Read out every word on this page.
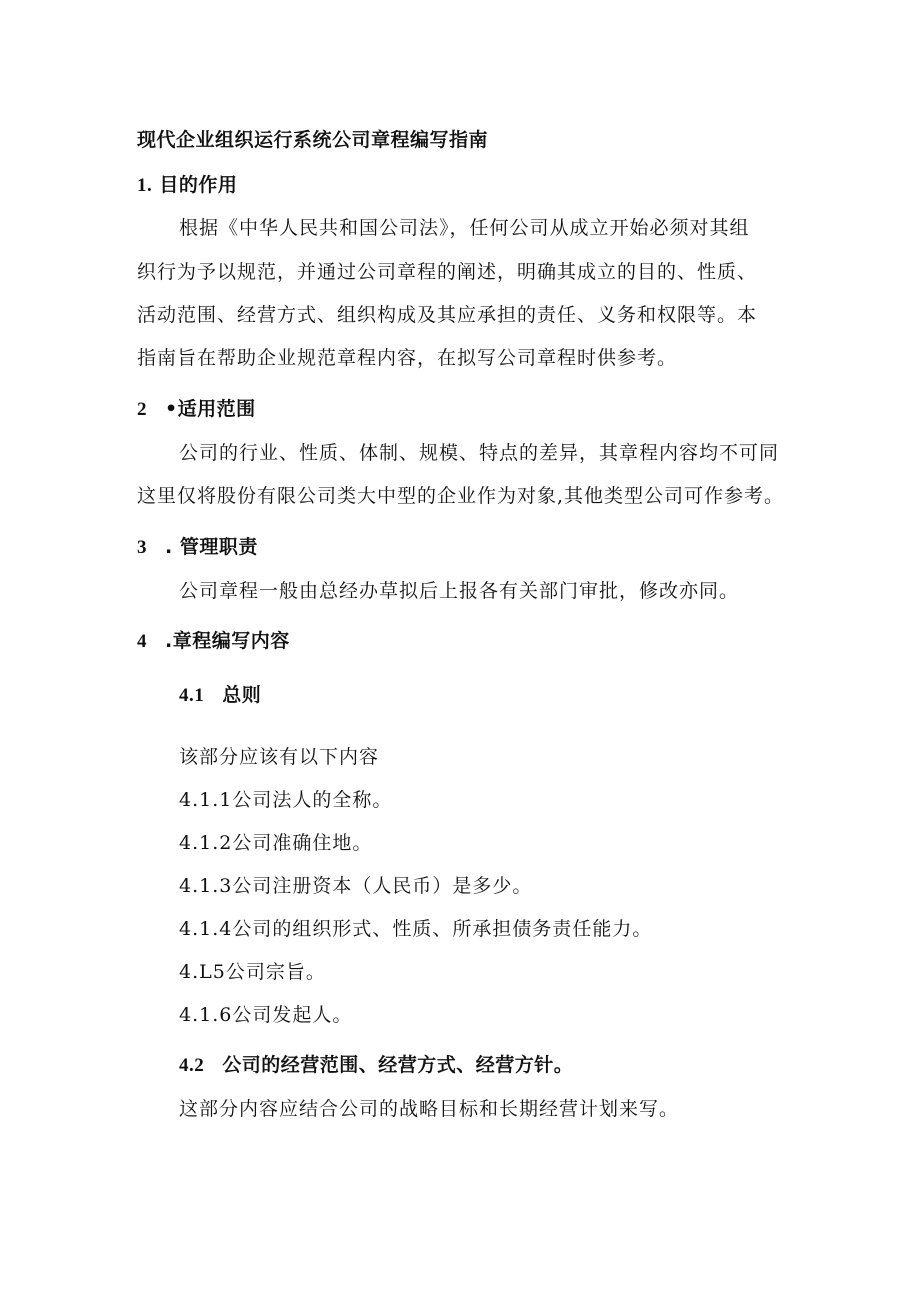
现代企业组织运行系统公司章程编写指南
1. 目的作用
根据《中华人民共和国公司法》，任何公司从成立开始必须对其组
织行为予以规范，并通过公司章程的阐述，明确其成立的目的、性质、
活动范围、经营方式、组织构成及其应承担的责任、义务和权限等。本
指南旨在帮助企业规范章程内容，在拟写公司章程时供参考。
2 •适用范围
公司的行业、性质、体制、规模、特点的差异，其章程内容均不可同
这里仅将股份有限公司类大中型的企业作为对象,其他类型公司可作参考。
3 . 管理职责
公司章程一般由总经办草拟后上报各有关部门审批，修改亦同。
4 .章程编写内容
4.1 总则
该部分应该有以下内容
4.1.1公司法人的全称。
4.1.2公司准确住地。
4.1.3公司注册资本（人民币）是多少。
4.1.4公司的组织形式、性质、所承担债务责任能力。
4.L5公司宗旨。
4.1.6公司发起人。
4.2 公司的经营范围、经营方式、经营方针。
这部分内容应结合公司的战略目标和长期经营计划来写。
